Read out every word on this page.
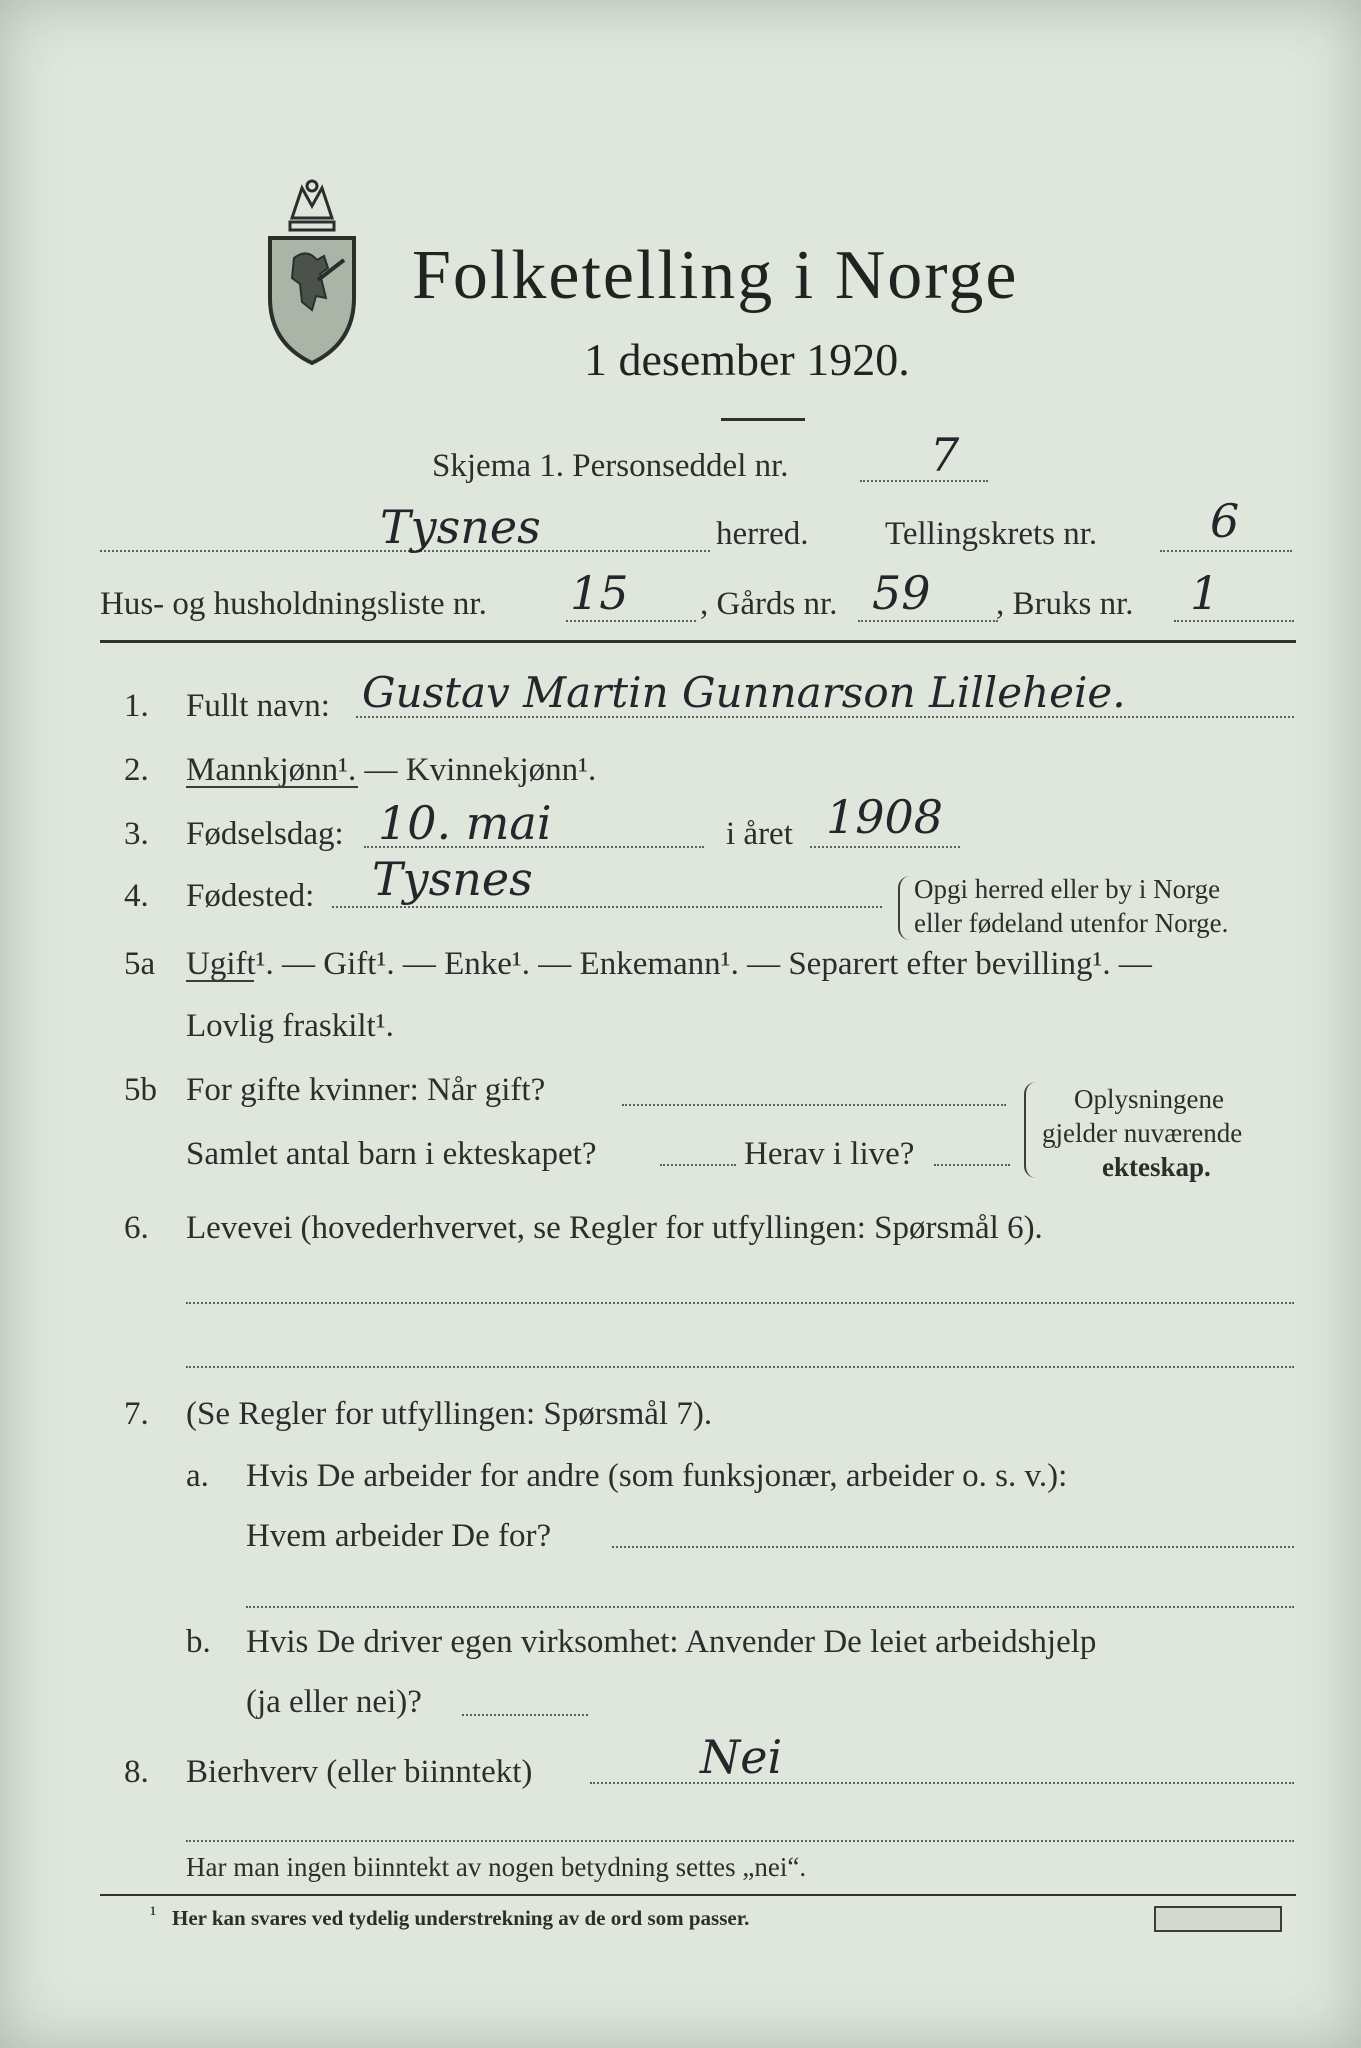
Folketelling i Norge
1 desember 1920.
Skjema 1. Personseddel nr.	7
Tysnes	herred. Tellingskrets nr. 6
Hus- og husholdningsliste nr. 15 , Gårds nr. 59 , Bruks nr. 1
1. Fullt navn: Gustav Martin Gunnarson Lilleheie.
2. Mannkjønn¹. — Kvinnekjønn¹.
3. Fødselsdag: 10. mai	i året 1908
4. Fødested: Tysnes	Opgi herred eller by i Norge
eller fødeland utenfor Norge.
5a Ugift¹. — Gift¹. — Enke¹. — Enkemann¹. — Separert efter bevilling¹. —
Lovlig fraskilt¹.
5b For gifte kvinner: Når gift?
Samlet antal barn i ekteskapet?	Herav i live?
Oplysningene
gjelder nuværende
ekteskap.
6. Levevei (hovederhvervet, se Regler for utfyllingen: Spørsmål 6).
7. (Se Regler for utfyllingen: Spørsmål 7).
a. Hvis De arbeider for andre (som funksjonær, arbeider o. s. v.):
Hvem arbeider De for?
b. Hvis De driver egen virksomhet: Anvender De leiet arbeidshjelp
(ja eller nei)?
8. Bierhverv (eller biinntekt)	Nei
Har man ingen biinntekt av nogen betydning settes „nei“.
¹ Her kan svares ved tydelig understrekning av de ord som passer.
